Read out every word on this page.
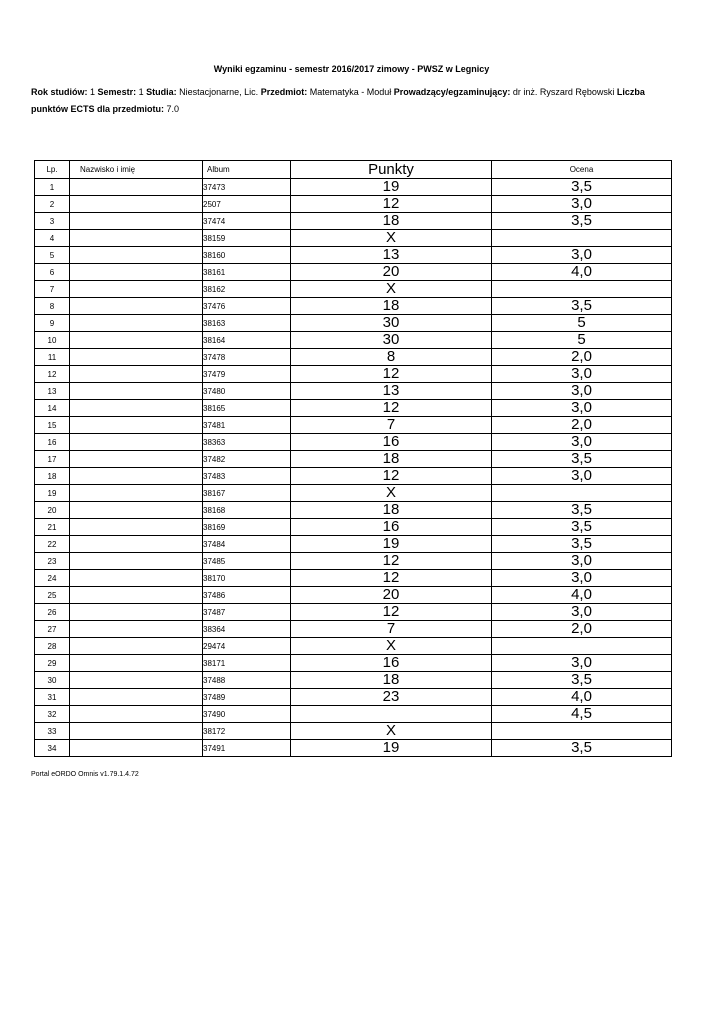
Wyniki egzaminu - semestr 2016/2017 zimowy - PWSZ w Legnicy
Rok studiów: 1 Semestr: 1 Studia: Niestacjonarne, Lic. Przedmiot: Matematyka - Moduł Prowadzący/egzaminujący: dr inż. Ryszard Rębowski Liczba punktów ECTS dla przedmiotu: 7.0
Lp.	Nazwisko i imię	Album	Punkty	Ocena
1		37473	19	3,5
2		2507	12	3,0
3		37474	18	3,5
4		38159	X	
5		38160	13	3,0
6		38161	20	4,0
7		38162	X	
8		37476	18	3,5
9		38163	30	5
10		38164	30	5
11		37478	8	2,0
12		37479	12	3,0
13		37480	13	3,0
14		38165	12	3,0
15		37481	7	2,0
16		38363	16	3,0
17		37482	18	3,5
18		37483	12	3,0
19		38167	X	
20		38168	18	3,5
21		38169	16	3,5
22		37484	19	3,5
23		37485	12	3,0
24		38170	12	3,0
25		37486	20	4,0
26		37487	12	3,0
27		38364	7	2,0
28		29474	X	
29		38171	16	3,0
30		37488	18	3,5
31		37489	23	4,0
32		37490		4,5
33		38172	X	
34		37491	19	3,5
Portal eORDO Omnis v1.79.1.4.72
